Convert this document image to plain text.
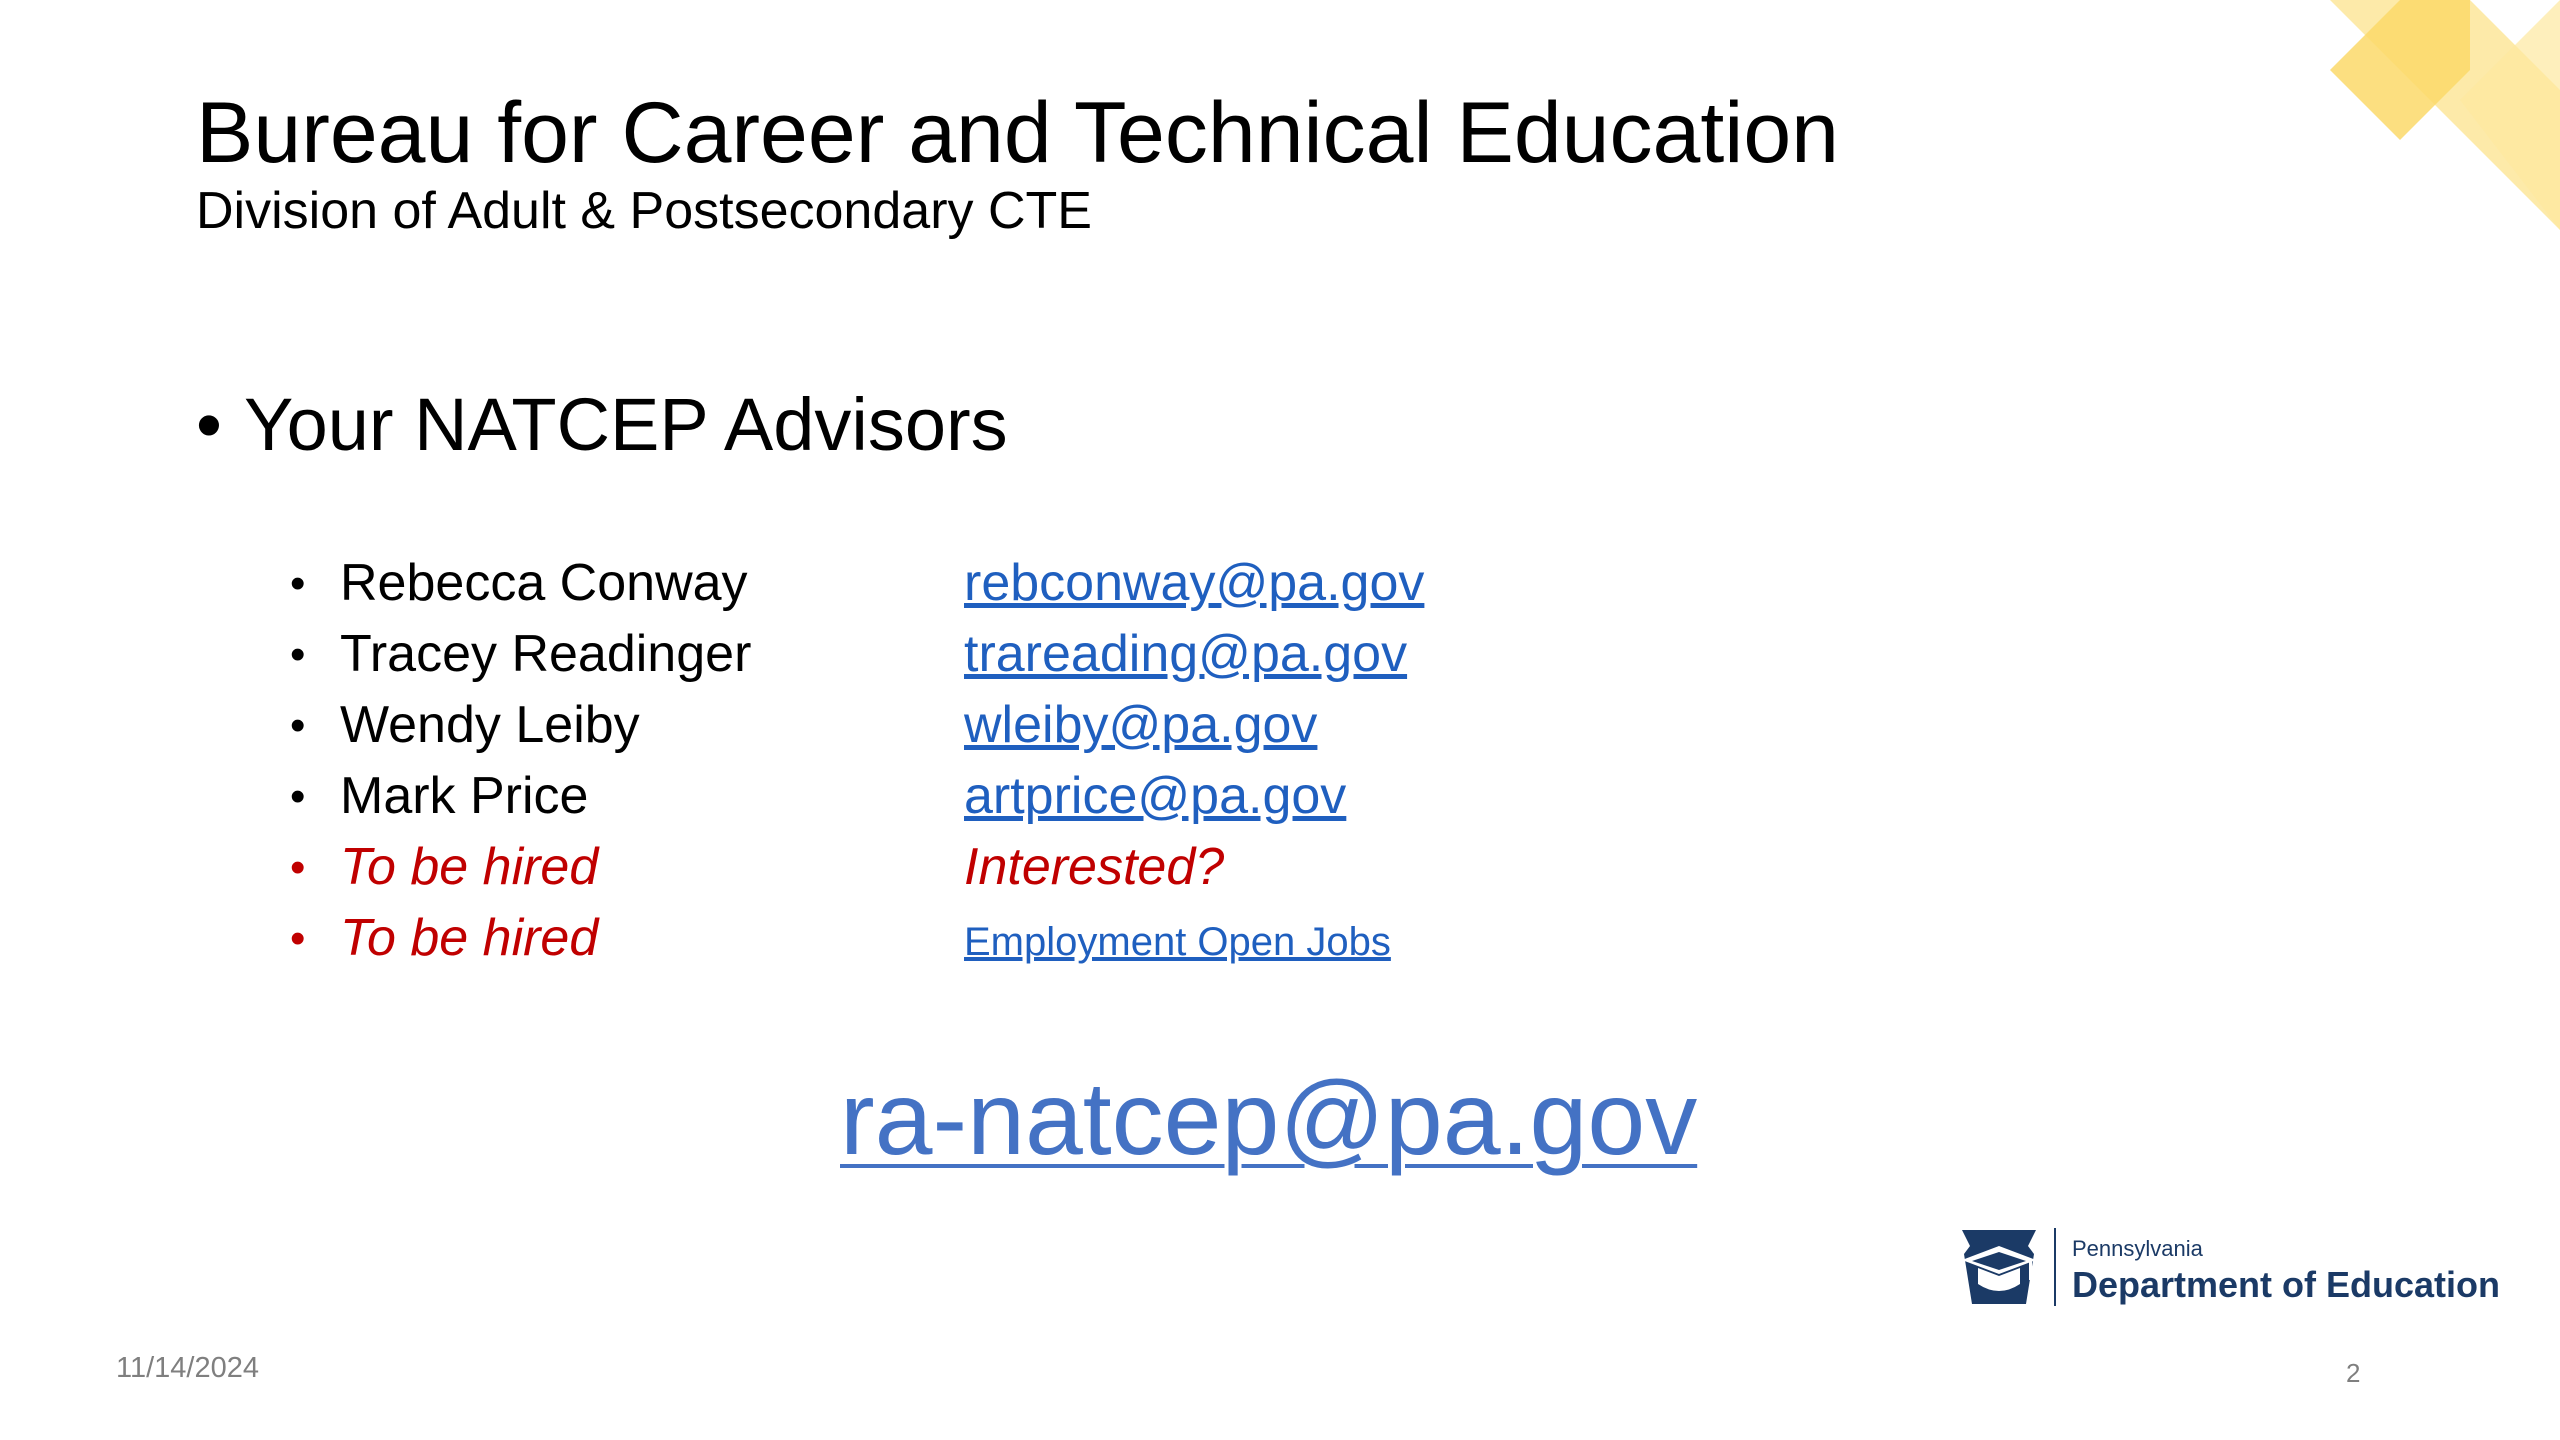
Bureau for Career and Technical Education
Division of Adult & Postsecondary CTE
• Your NATCEP Advisors
• Rebecca Conway	rebconway@pa.gov
• Tracey Readinger	trareading@pa.gov
• Wendy Leiby	wleiby@pa.gov
• Mark Price	artprice@pa.gov
• To be hired	Interested?
• To be hired	Employment Open Jobs
ra-natcep@pa.gov
Pennsylvania
Department of Education
11/14/2024	2
